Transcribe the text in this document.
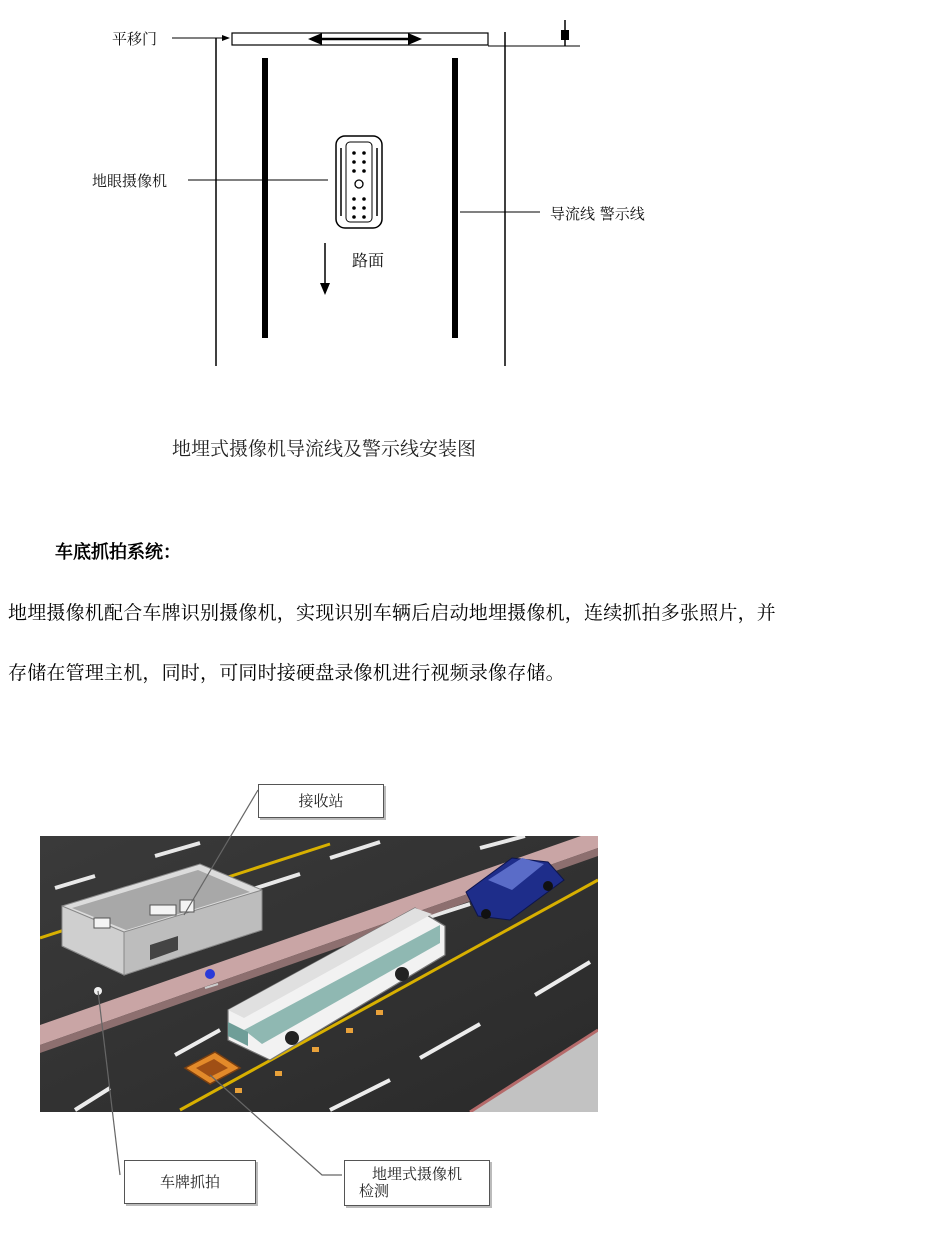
平移门
地眼摄像机
导流线 警示线
路面
地埋式摄像机导流线及警示线安装图
车底抓拍系统：
地埋摄像机配合车牌识别摄像机，实现识别车辆后启动地埋摄像机，连续抓拍多张照片，并
存储在管理主机，同时，可同时接硬盘录像机进行视频录像存储。
接收站
车牌抓拍	地埋式摄像机
检测
